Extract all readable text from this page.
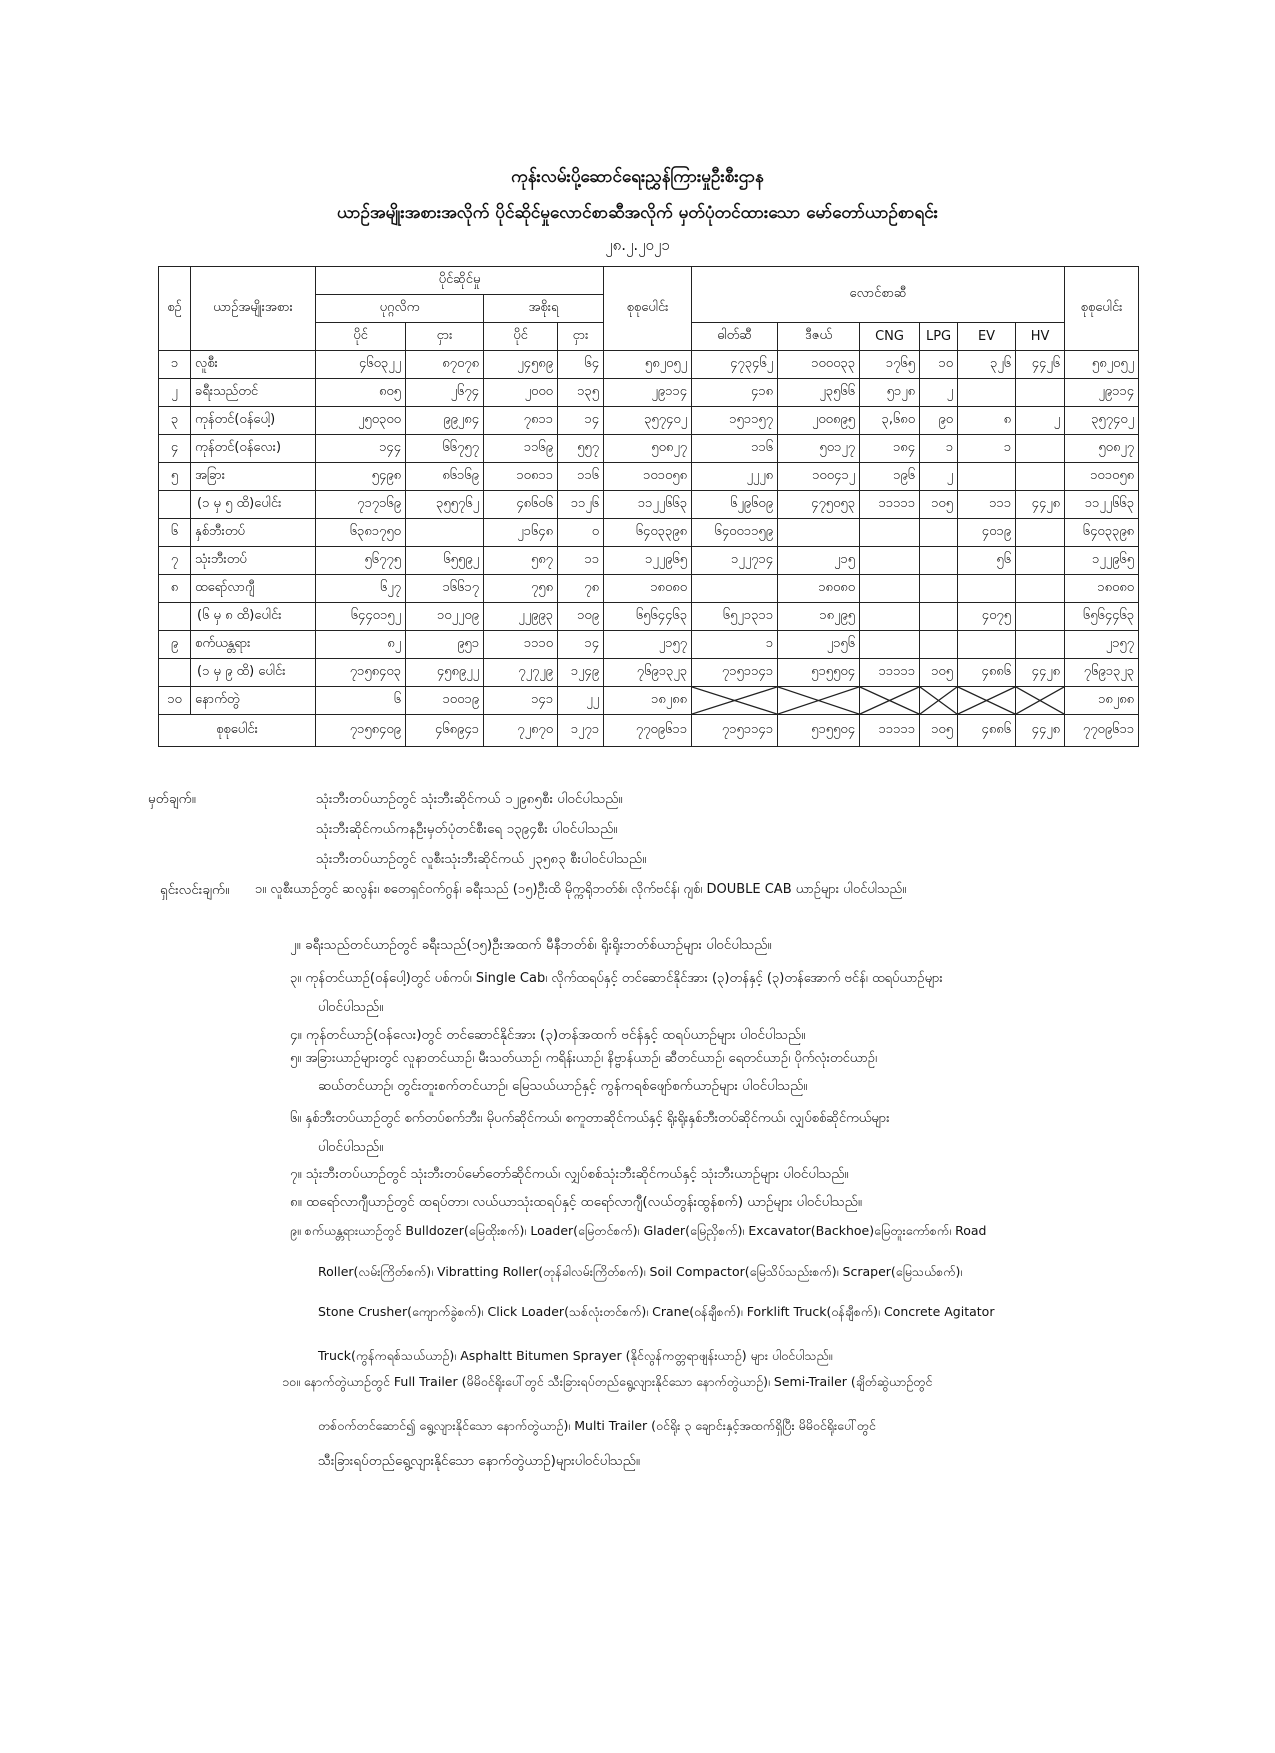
ကုန်းလမ်းပို့ဆောင်ရေးညွှန်ကြားမှုဦးစီးဌာန
ယာဉ်အမျိုးအစားအလိုက် ပိုင်ဆိုင်မှုလောင်စာဆီအလိုက် မှတ်ပုံတင်ထားသော မော်တော်ယာဉ်စာရင်း
၂၈.၂.၂၀၂၁
စဉ်	ယာဉ်အမျိုးအစား	ပိုင်ဆိုင်မှု				စုစုပေါင်း	လောင်စာဆီ						စုစုပေါင်း
		ပုဂ္ဂလိက		အစိုးရ									
		ပိုင်	ငှား	ပိုင်	ငှား		ဓါတ်ဆီ	ဒီဇယ်	CNG	LPG	EV	HV	
၁	လူစီး	၄၆၀၃၂၂	၈၇၀၇၈	၂၄၅၈၉	၆၄	၅၈၂၀၅၂	၄၇၃၄၆၂	၁၀၀၀၃၃	၁၇၆၅	၁၀	၃၂၆	၄၄၂၆	၅၈၂၀၅၂
၂	ခရီးသည်တင်	၈၀၅	၂၆၇၄	၂၀၀၀	၁၃၅	၂၉၁၁၄	၄၁၈	၂၃၅၆၆	၅၁၂၈	၂			၂၉၁၁၄
၃	ကုန်တင်(ဝန်ပေါ့)	၂၅၀၃၀၀	၉၉၂၈၄	၇၈၁၁	၁၄	၃၅၇၄၀၂	၁၅၁၁၅၇	၂၀၀၈၉၅	၃,၆၈၀	၉၀	၈	၂	၃၅၇၄၀၂
၄	ကုန်တင်(ဝန်လေး)	၁၄၄	၆၆၇၅၇	၁၁၆၉	၅၅၇	၅၀၈၂၇	၁၁၆	၅၀၁၂၇	၁၈၄	၁	၁		၅၀၈၂၇
၅	အခြား	၅၄၉၈	၈၆၁၆၉	၁၀၈၁၁	၁၁၆	၁၀၁၀၅၈	၂၂၂၈	၁၀၀၄၁၂	၁၉၆	၂			၁၀၁၀၅၈
	(၁ မှ ၅ ထိ)ပေါင်း	၇၁၇၁၆၉	၃၅၅၇၆၂	၄၈၆၀၆	၁၁၂၆	၁၁၂၂၆၆၃	၆၂၉၆၀၉	၄၇၅၀၅၃	၁၁၁၁၁	၁၀၅	၁၁၁	၄၄၂၈	၁၁၂၂၆၆၃
၆	နှစ်ဘီးတပ်	၆၃၈၁၇၅၀		၂၁၆၄၈	၀	၆၄၀၃၃၉၈	၆၄၀၀၁၁၅၉				၄၀၁၉		၆၄၀၃၃၉၈
၇	သုံးဘီးတပ်	၅၆၇၇၅	၆၅၅၉၂	၅၈၇	၁၁	၁၂၂၉၆၅	၁၂၂၇၁၄	၂၁၅			၅၆		၁၂၂၉၆၅
၈	ထရော်လာဂျီ	၆၂၇	၁၆၆၁၇	၇၅၈	၇၈	၁၈၀၈၀		၁၈၀၈၀					၁၈၀၈၀
	(၆ မှ ၈ ထိ)ပေါင်း	၆၄၄၀၁၅၂	၁၀၂၂၀၉	၂၂၉၉၃	၁၀၉	၆၅၆၄၄၆၃	၆၅၂၁၃၁၁	၁၈၂၉၅			၄၀၇၅		၆၅၆၄၄၆၃
၉	စက်ယန္တရား	၈၂	၉၅၁	၁၁၁၀	၁၄	၂၁၅၇	၁	၂၁၅၆					၂၁၅၇
	(၁ မှ ၉ ထိ) ပေါင်း	၇၁၅၈၄၀၃	၄၅၈၉၂၂	၇၂၇၂၉	၁၂၄၉	၇၆၉၁၃၂၃	၇၁၅၁၁၄၁	၅၁၅၅၀၄	၁၁၁၁၁	၁၀၅	၄၈၈၆	၄၄၂၈	၇၆၉၁၃၂၃
၁၀	နောက်တွဲ	၆	၁၀၀၁၉	၁၄၁	၂၂	၁၈၂၈၈							၁၈၂၈၈
စုစုပေါင်း		၇၁၅၈၄၀၉	၄၆၈၉၄၁	၇၂၈၇၀	၁၂၇၁	၇၇၀၉၆၁၁	၇၁၅၁၁၄၁	၅၁၅၅၀၄	၁၁၁၁၁	၁၀၅	၄၈၈၆	၄၄၂၈	၇၇၀၉၆၁၁
မှတ်ချက်။	သုံးဘီးတပ်ယာဉ်တွင် သုံးဘီးဆိုင်ကယ် ၁၂၉၈၅စီး ပါဝင်ပါသည်။
သုံးဘီးဆိုင်ကယ်ကနဦးမှတ်ပုံတင်စီးရေ ၁၃၉၄စီး ပါဝင်ပါသည်။
သုံးဘီးတပ်ယာဉ်တွင် လူစီးသုံးဘီးဆိုင်ကယ် ၂၃၅၈၃ စီးပါဝင်ပါသည်။
ရှင်းလင်းချက်။ ၁။ လူစီးယာဉ်တွင် ဆလွန်း၊ စတေရှင်ဝက်ဂွန်၊ ခရီးသည် (၁၅)ဦးထိ မိုက္ကရိုဘတ်စ်၊ လိုက်ဗင်န်၊ ဂျစ်၊ DOUBLE CAB ယာဉ်များ ပါဝင်ပါသည်။
၂။ ခရီးသည်တင်ယာဉ်တွင် ခရီးသည်(၁၅)ဦးအထက် မီနီဘတ်စ်၊ ရိုးရိုးဘတ်စ်ယာဉ်များ ပါဝင်ပါသည်။
၃။ ကုန်တင်ယာဉ်(ဝန်ပေါ့)တွင် ပစ်ကပ်၊ Single Cab၊ လိုက်ထရပ်နှင့် တင်ဆောင်နိုင်အား (၃)တန်နှင့် (၃)တန်အောက် ဗင်န်၊ ထရပ်ယာဉ်များ
ပါဝင်ပါသည်။
၄။ ကုန်တင်ယာဉ်(ဝန်လေး)တွင် တင်ဆောင်နိုင်အား (၃)တန်အထက် ဗင်န်နှင့် ထရပ်ယာဉ်များ ပါဝင်ပါသည်။
၅။ အခြားယာဉ်များတွင် လူနာတင်ယာဉ်၊ မီးသတ်ယာဉ်၊ ကရိန်းယာဉ်၊ နိဗ္ဗာန်ယာဉ်၊ ဆီတင်ယာဉ်၊ ရေတင်ယာဉ်၊ ပိုက်လုံးတင်ယာဉ်၊
ဆယ်တင်ယာဉ်၊ တွင်းတူးစက်တင်ယာဉ်၊ မြေသယ်ယာဉ်နှင့် ကွန်ကရစ်ဖျော်စက်ယာဉ်များ ပါဝင်ပါသည်။
၆။ နှစ်ဘီးတပ်ယာဉ်တွင် စက်တပ်စက်ဘီး၊ မိုပက်ဆိုင်ကယ်၊ စကူတာဆိုင်ကယ်နှင့် ရိုးရိုးနှစ်ဘီးတပ်ဆိုင်ကယ်၊ လျှပ်စစ်ဆိုင်ကယ်များ
ပါဝင်ပါသည်။
၇။ သုံးဘီးတပ်ယာဉ်တွင် သုံးဘီးတပ်မော်တော်ဆိုင်ကယ်၊ လျှပ်စစ်သုံးဘီးဆိုင်ကယ်နှင့် သုံးဘီးယာဉ်များ ပါဝင်ပါသည်။
၈။ ထရော်လာဂျီယာဉ်တွင် ထရပ်တာ၊ လယ်ယာသုံးထရပ်နှင့် ထရော်လာဂျီ(လယ်တွန်းထွန်စက်) ယာဉ်များ ပါဝင်ပါသည်။
၉။ စက်ယန္တရားယာဉ်တွင် Bulldozer(မြေထိုးစက်)၊ Loader(မြေတင်စက်)၊ Glader(မြေညှိစက်)၊ Excavator(Backhoe)မြေတူးကော်စက်၊ Road
Roller(လမ်းကြိတ်စက်)၊ Vibratting Roller(တုန်ခါလမ်းကြိတ်စက်)၊ Soil Compactor(မြေသိပ်သည်းစက်)၊ Scraper(မြေသယ်စက်)၊
Stone Crusher(ကျောက်ခွဲစက်)၊ Click Loader(သစ်လုံးတင်စက်)၊ Crane(ဝန်ချီစက်)၊ Forklift Truck(ဝန်ချီစက်)၊ Concrete Agitator
Truck(ကွန်ကရစ်သယ်ယာဉ်)၊ Asphaltt Bitumen Sprayer (နိုင်လွန်ကတ္တရာဖျန်းယာဉ်) များ ပါဝင်ပါသည်။
၁၀။ နောက်တွဲယာဉ်တွင် Full Trailer (မိမိဝင်ရိုးပေါ်တွင် သီးခြားရပ်တည်ရွေ့လျားနိုင်သော နောက်တွဲယာဉ်)၊ Semi-Trailer (ချိတ်ဆွဲယာဉ်တွင်
တစ်ဝက်တင်ဆောင်၍ ရွေ့လျားနိုင်သော နောက်တွဲယာဉ်)၊ Multi Trailer (ဝင်ရိုး ၃ ချောင်းနှင့်အထက်ရှိပြီး မိမိဝင်ရိုးပေါ်တွင်
သီးခြားရပ်တည်ရွေ့လျားနိုင်သော နောက်တွဲယာဉ်)များပါဝင်ပါသည်။
